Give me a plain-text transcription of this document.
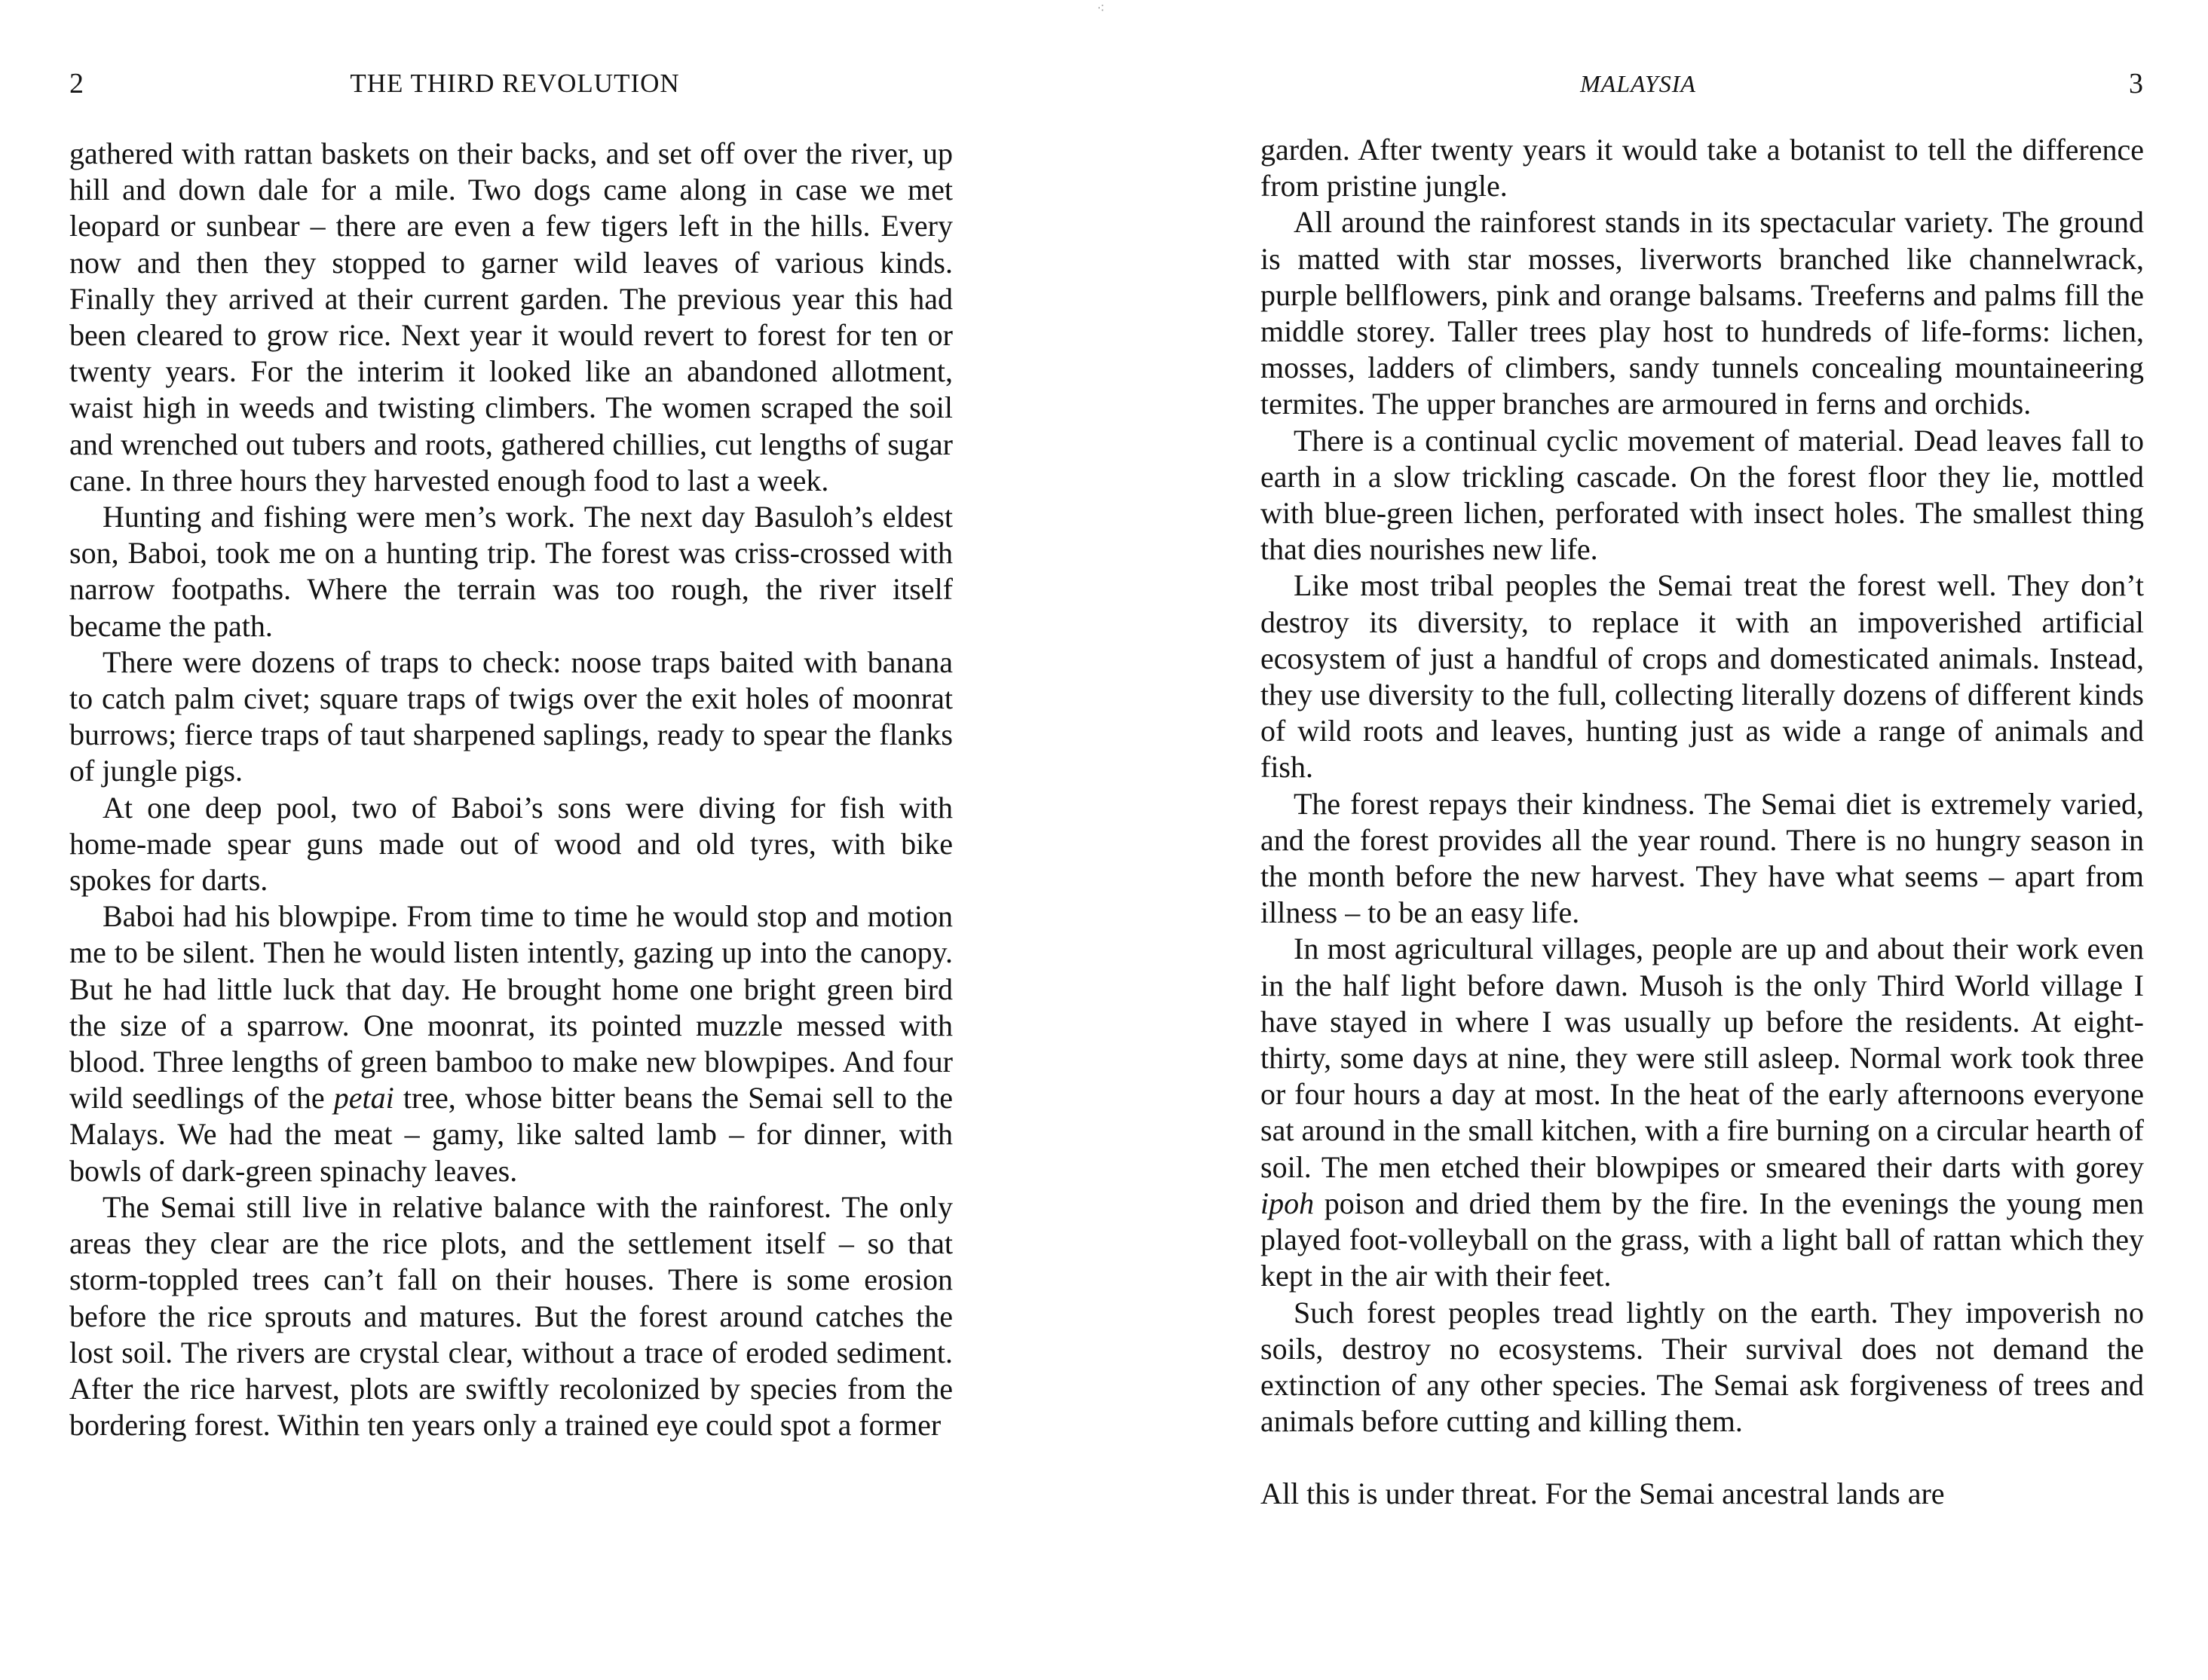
⁖
2	THE THIRD REVOLUTION

gathered with rattan baskets on their backs, and set off over the river, up hill and down dale for a mile. Two dogs came along in case we met leopard or sunbear – there are even a few tigers left in the hills. Every now and then they stopped to garner wild leaves of various kinds. Finally they arrived at their current garden. The previous year this had been cleared to grow rice. Next year it would revert to forest for ten or twenty years. For the interim it looked like an abandoned allotment, waist high in weeds and twisting climbers. The women scraped the soil and wrenched out tubers and roots, gathered chillies, cut lengths of sugar cane. In three hours they harvested enough food to last a week.

Hunting and fishing were men’s work. The next day Basuloh’s eldest son, Baboi, took me on a hunting trip. The forest was criss-crossed with narrow footpaths. Where the terrain was too rough, the river itself became the path.

There were dozens of traps to check: noose traps baited with banana to catch palm civet; square traps of twigs over the exit holes of moonrat burrows; fierce traps of taut sharpened saplings, ready to spear the flanks of jungle pigs.

At one deep pool, two of Baboi’s sons were diving for fish with home-made spear guns made out of wood and old tyres, with bike spokes for darts.

Baboi had his blowpipe. From time to time he would stop and motion me to be silent. Then he would listen intently, gazing up into the canopy. But he had little luck that day. He brought home one bright green bird the size of a sparrow. One moonrat, its pointed muzzle messed with blood. Three lengths of green bamboo to make new blowpipes. And four wild seedlings of the petai tree, whose bitter beans the Semai sell to the Malays. We had the meat – gamy, like salted lamb – for dinner, with bowls of dark-green spinachy leaves.

The Semai still live in relative balance with the rainforest. The only areas they clear are the rice plots, and the settlement itself – so that storm-toppled trees can’t fall on their houses. There is some erosion before the rice sprouts and matures. But the forest around catches the lost soil. The rivers are crystal clear, without a trace of eroded sediment. After the rice harvest, plots are swiftly recolonized by species from the bordering forest. Within ten years only a trained eye could spot a former

MALAYSIA	3

garden. After twenty years it would take a botanist to tell the difference from pristine jungle.

All around the rainforest stands in its spectacular variety. The ground is matted with star mosses, liverworts branched like channelwrack, purple bellflowers, pink and orange balsams. Treeferns and palms fill the middle storey. Taller trees play host to hundreds of life-forms: lichen, mosses, ladders of climbers, sandy tunnels concealing mountaineering termites. The upper branches are armoured in ferns and orchids.

There is a continual cyclic movement of material. Dead leaves fall to earth in a slow trickling cascade. On the forest floor they lie, mottled with blue-green lichen, perforated with insect holes. The smallest thing that dies nourishes new life.

Like most tribal peoples the Semai treat the forest well. They don’t destroy its diversity, to replace it with an impoverished artificial ecosystem of just a handful of crops and domesticated animals. Instead, they use diversity to the full, collecting literally dozens of different kinds of wild roots and leaves, hunting just as wide a range of animals and fish.

The forest repays their kindness. The Semai diet is extremely varied, and the forest provides all the year round. There is no hungry season in the month before the new harvest. They have what seems – apart from illness – to be an easy life.

In most agricultural villages, people are up and about their work even in the half light before dawn. Musoh is the only Third World village I have stayed in where I was usually up before the residents. At eight-thirty, some days at nine, they were still asleep. Normal work took three or four hours a day at most. In the heat of the early afternoons everyone sat around in the small kitchen, with a fire burning on a circular hearth of soil. The men etched their blowpipes or smeared their darts with gorey ipoh poison and dried them by the fire. In the evenings the young men played foot-volleyball on the grass, with a light ball of rattan which they kept in the air with their feet.

Such forest peoples tread lightly on the earth. They impoverish no soils, destroy no ecosystems. Their survival does not demand the extinction of any other species. The Semai ask forgiveness of trees and animals before cutting and killing them.

All this is under threat. For the Semai ancestral lands are
